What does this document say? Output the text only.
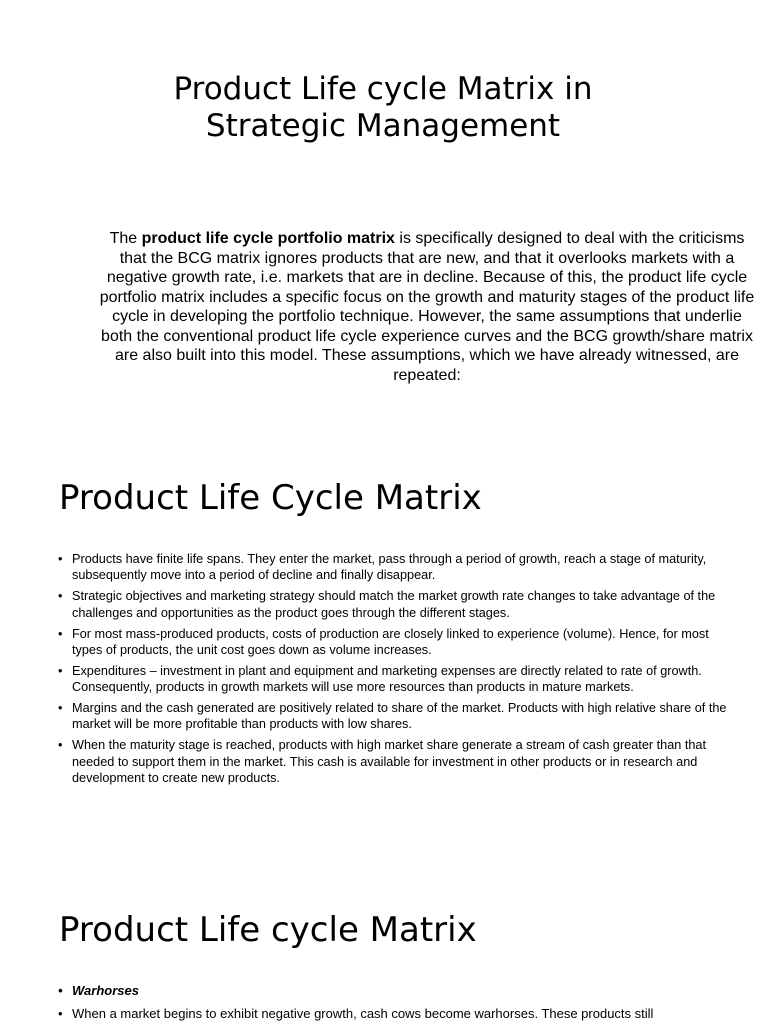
Product Life cycle Matrix in Strategic Management

The product life cycle portfolio matrix is specifically designed to deal with the criticisms that the BCG matrix ignores products that are new, and that it overlooks markets with a negative growth rate, i.e. markets that are in decline. Because of this, the product life cycle portfolio matrix includes a specific focus on the growth and maturity stages of the product life cycle in developing the portfolio technique. However, the same assumptions that underlie both the conventional product life cycle experience curves and the BCG growth/share matrix are also built into this model. These assumptions, which we have already witnessed, are repeated:

Product Life Cycle Matrix
• Products have finite life spans. They enter the market, pass through a period of growth, reach a stage of maturity, subsequently move into a period of decline and finally disappear.
• Strategic objectives and marketing strategy should match the market growth rate changes to take advantage of the challenges and opportunities as the product goes through the different stages.
• For most mass-produced products, costs of production are closely linked to experience (volume). Hence, for most types of products, the unit cost goes down as volume increases.
• Expenditures – investment in plant and equipment and marketing expenses are directly related to rate of growth. Consequently, products in growth markets will use more resources than products in mature markets.
• Margins and the cash generated are positively related to share of the market. Products with high relative share of the market will be more profitable than products with low shares.
• When the maturity stage is reached, products with high market share generate a stream of cash greater than that needed to support them in the market. This cash is available for investment in other products or in research and development to create new products.
Product Life cycle Matrix
• Warhorses
• When a market begins to exhibit negative growth, cash cows become warhorses. These products still
